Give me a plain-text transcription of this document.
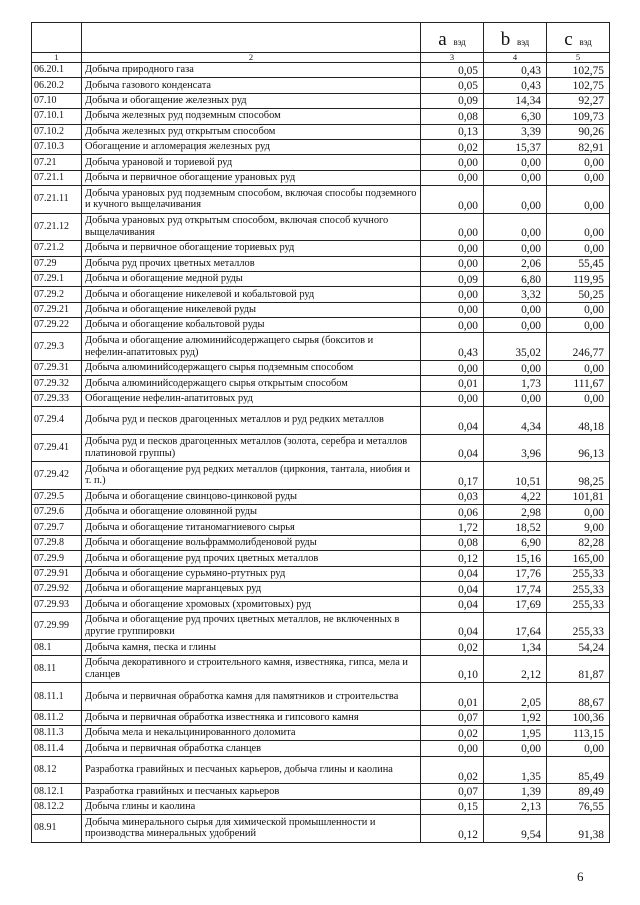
		a вэд	b вэд	c вэд
1	2	3	4	5
06.20.1	Добыча природного газа	0,05	0,43	102,75
06.20.2	Добыча газового конденсата	0,05	0,43	102,75
07.10	Добыча и обогащение железных руд	0,09	14,34	92,27
07.10.1	Добыча железных руд подземным способом	0,08	6,30	109,73
07.10.2	Добыча железных руд открытым способом	0,13	3,39	90,26
07.10.3	Обогащение и агломерация железных руд	0,02	15,37	82,91
07.21	Добыча урановой и ториевой руд	0,00	0,00	0,00
07.21.1	Добыча и первичное обогащение урановых руд	0,00	0,00	0,00
07.21.11	Добыча урановых руд подземным способом, включая способы подземного и кучного выщелачивания	0,00	0,00	0,00
07.21.12	Добыча урановых руд открытым способом, включая способ кучного выщелачивания	0,00	0,00	0,00
07.21.2	Добыча и первичное обогащение ториевых руд	0,00	0,00	0,00
07.29	Добыча руд прочих цветных металлов	0,00	2,06	55,45
07.29.1	Добыча и обогащение медной руды	0,09	6,80	119,95
07.29.2	Добыча и обогащение никелевой и кобальтовой руд	0,00	3,32	50,25
07.29.21	Добыча и обогащение никелевой руды	0,00	0,00	0,00
07.29.22	Добыча и обогащение кобальтовой руды	0,00	0,00	0,00
07.29.3	Добыча и обогащение алюминийсодержащего сырья (бокситов и нефелин-апатитовых руд)	0,43	35,02	246,77
07.29.31	Добыча алюминийсодержащего сырья подземным способом	0,00	0,00	0,00
07.29.32	Добыча алюминийсодержащего сырья открытым способом	0,01	1,73	111,67
07.29.33	Обогащение нефелин-апатитовых руд	0,00	0,00	0,00
07.29.4	Добыча руд и песков драгоценных металлов и руд редких металлов	0,04	4,34	48,18
07.29.41	Добыча руд и песков драгоценных металлов (золота, серебра и металлов платиновой группы)	0,04	3,96	96,13
07.29.42	Добыча и обогащение руд редких металлов (циркония, тантала, ниобия и т. п.)	0,17	10,51	98,25
07.29.5	Добыча и обогащение свинцово-цинковой руды	0,03	4,22	101,81
07.29.6	Добыча и обогащение оловянной руды	0,06	2,98	0,00
07.29.7	Добыча и обогащение титаномагниевого сырья	1,72	18,52	9,00
07.29.8	Добыча и обогащение вольфраммолибденовой руды	0,08	6,90	82,28
07.29.9	Добыча и обогащение руд прочих цветных металлов	0,12	15,16	165,00
07.29.91	Добыча и обогащение сурьмяно-ртутных руд	0,04	17,76	255,33
07.29.92	Добыча и обогащение марганцевых руд	0,04	17,74	255,33
07.29.93	Добыча и обогащение хромовых (хромитовых) руд	0,04	17,69	255,33
07.29.99	Добыча и обогащение руд прочих цветных металлов, не включенных в другие группировки	0,04	17,64	255,33
08.1	Добыча камня, песка и глины	0,02	1,34	54,24
08.11	Добыча декоративного и строительного камня, известняка, гипса, мела и сланцев	0,10	2,12	81,87
08.11.1	Добыча и первичная обработка камня для памятников и строительства	0,01	2,05	88,67
08.11.2	Добыча и первичная обработка известняка и гипсового камня	0,07	1,92	100,36
08.11.3	Добыча мела и некальцинированного доломита	0,02	1,95	113,15
08.11.4	Добыча и первичная обработка сланцев	0,00	0,00	0,00
08.12	Разработка гравийных и песчаных карьеров, добыча глины и каолина	0,02	1,35	85,49
08.12.1	Разработка гравийных и песчаных карьеров	0,07	1,39	89,49
08.12.2	Добыча глины и каолина	0,15	2,13	76,55
08.91	Добыча минерального сырья для химической промышленности и производства минеральных удобрений	0,12	9,54	91,38
6
